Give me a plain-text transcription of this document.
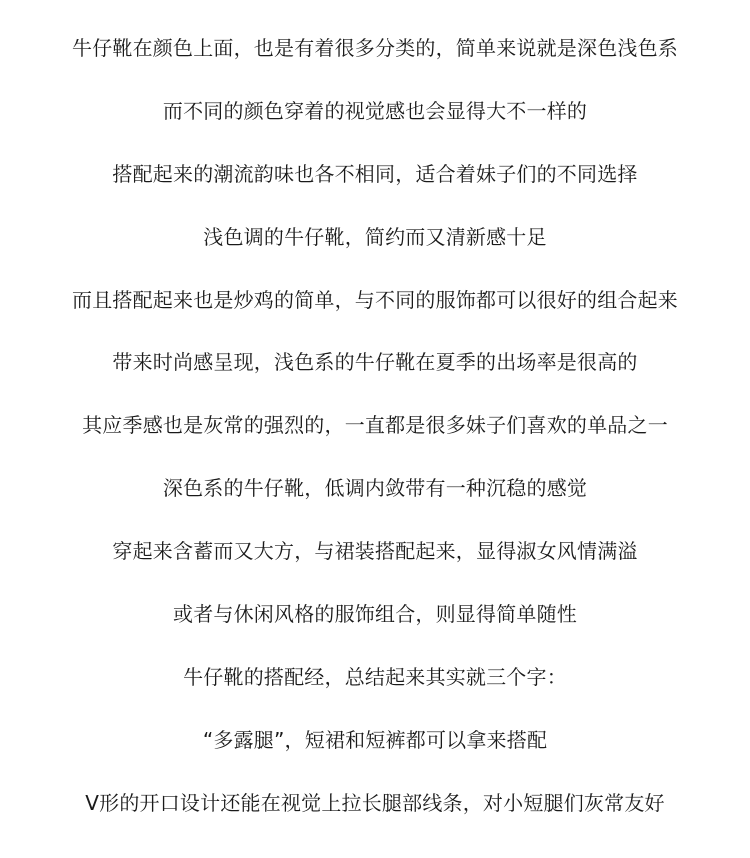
牛仔靴在颜色上面，也是有着很多分类的，简单来说就是深色浅色系
而不同的颜色穿着的视觉感也会显得大不一样的
搭配起来的潮流韵味也各不相同，适合着妹子们的不同选择
浅色调的牛仔靴，简约而又清新感十足
而且搭配起来也是炒鸡的简单，与不同的服饰都可以很好的组合起来
带来时尚感呈现，浅色系的牛仔靴在夏季的出场率是很高的
其应季感也是灰常的强烈的，一直都是很多妹子们喜欢的单品之一
深色系的牛仔靴，低调内敛带有一种沉稳的感觉
穿起来含蓄而又大方，与裙装搭配起来，显得淑女风情满溢
或者与休闲风格的服饰组合，则显得简单随性
牛仔靴的搭配经，总结起来其实就三个字：
“多露腿”，短裙和短裤都可以拿来搭配
V形的开口设计还能在视觉上拉长腿部线条，对小短腿们灰常友好
